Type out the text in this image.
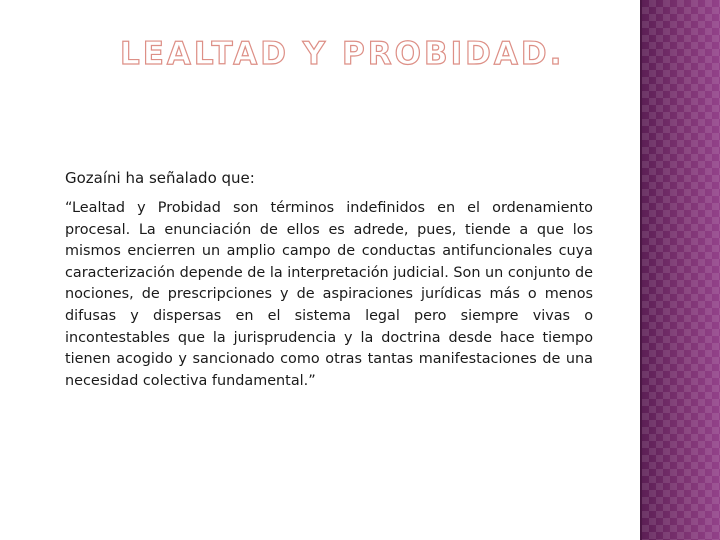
LEALTAD Y PROBIDAD.
Gozaíni ha señalado que:

“Lealtad y Probidad son términos indefinidos en el ordenamiento procesal. La enunciación de ellos es adrede, pues, tiende a que los mismos encierren un amplio campo de conductas antifuncionales cuya caracterización depende de la interpretación judicial. Son un conjunto de nociones, de prescripciones y de aspiraciones jurídicas más o menos difusas y dispersas en el sistema legal pero siempre vivas o incontestables que la jurisprudencia y la doctrina desde hace tiempo tienen acogido y sancionado como otras tantas manifestaciones de una necesidad colectiva fundamental.”
